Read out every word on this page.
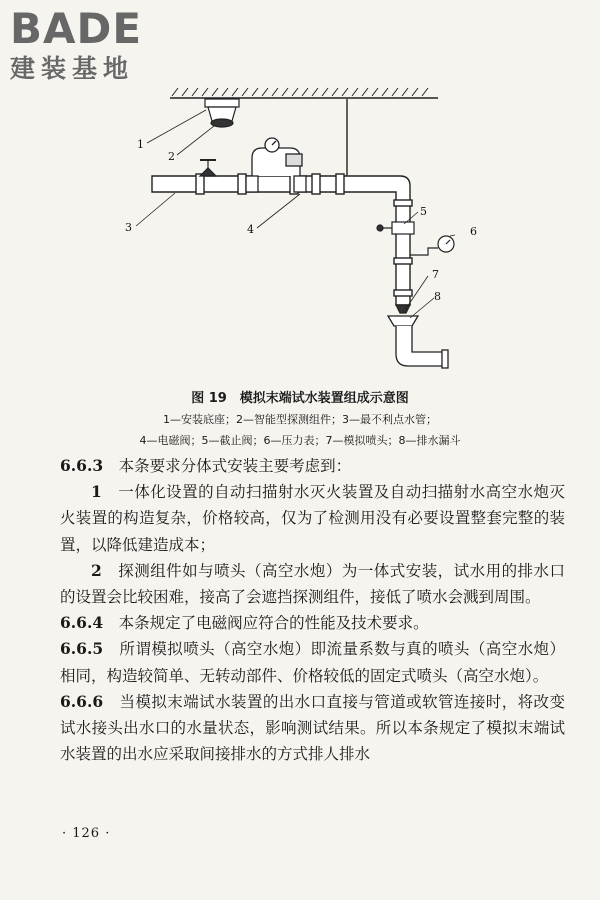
BADE
建装基地
1
2
3	4
5
6
7
8
图 19　模拟末端试水装置组成示意图
1—安装底座；2—智能型探测组件；3—最不利点水管；
4—电磁阀；5—截止阀；6—压力表；7—模拟喷头；8—排水漏斗

6.6.3　 本条要求分体式安装主要考虑到：

1　 一体化设置的自动扫描射水灭火装置及自动扫描射水高空水炮灭火装置的构造复杂，价格较高，仅为了检测用没有必要设置整套完整的装置，以降低建造成本；

2　 探测组件如与喷头（高空水炮）为一体式安装，试水用的排水口的设置会比较困难，接高了会遮挡探测组件，接低了喷水会溅到周围。

6.6.4　 本条规定了电磁阀应符合的性能及技术要求。

6.6.5　 所谓模拟喷头（高空水炮）即流量系数与真的喷头（高空水炮）相同，构造较简单、无转动部件、价格较低的固定式喷头（高空水炮）。

6.6.6　 当模拟末端试水装置的出水口直接与管道或软管连接时，将改变试水接头出水口的水量状态，影响测试结果。所以本条规定了模拟末端试水装置的出水应采取间接排水的方式排人排水

· 126 ·
